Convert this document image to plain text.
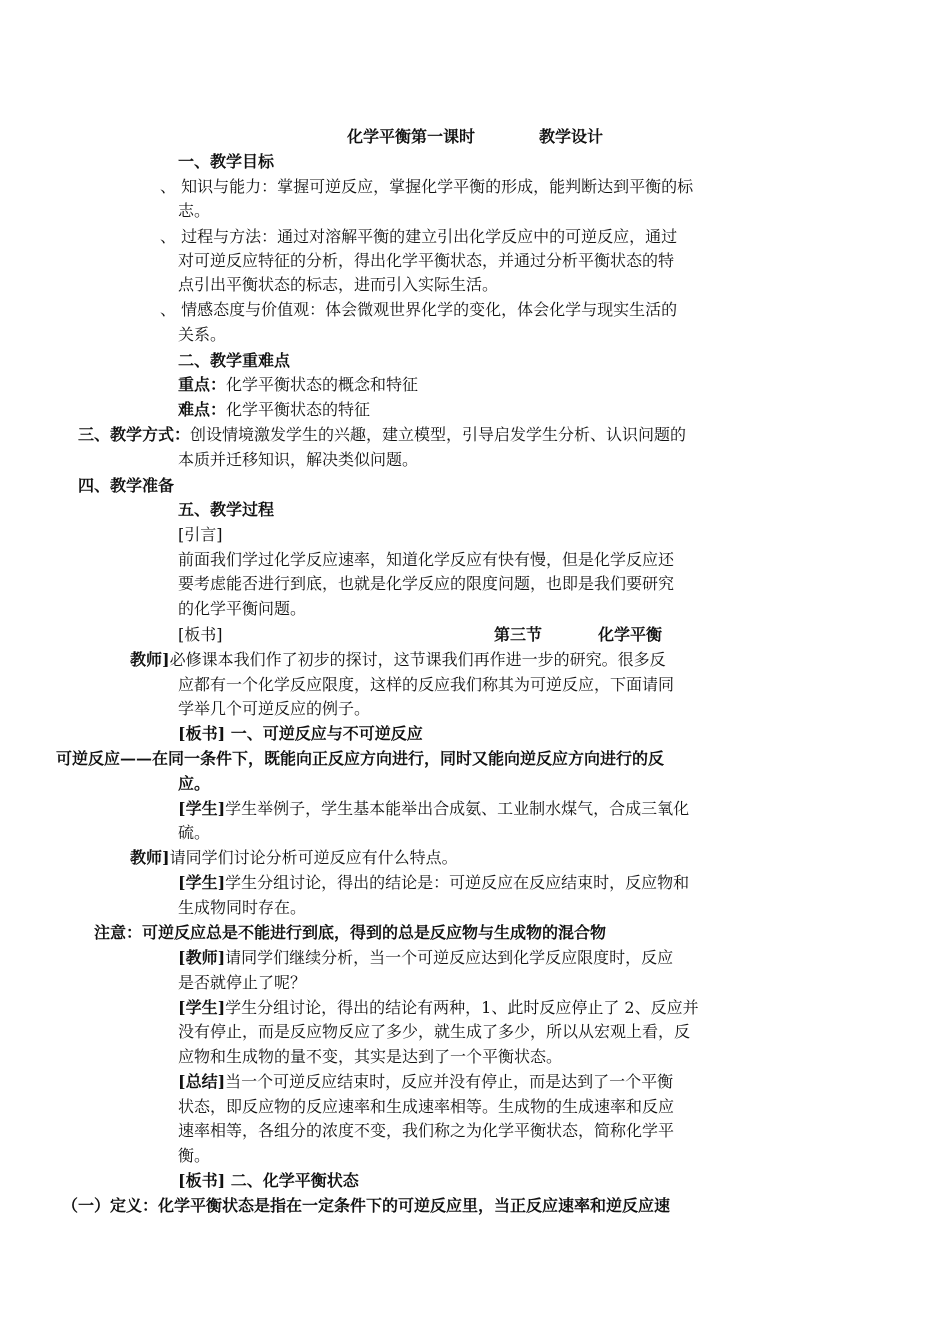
化学平衡第一课时	教学设计
一、教学目标
、 知识与能力：掌握可逆反应，掌握化学平衡的形成，能判断达到平衡的标
志。
、 过程与方法：通过对溶解平衡的建立引出化学反应中的可逆反应，通过
对可逆反应特征的分析，得出化学平衡状态，并通过分析平衡状态的特
点引出平衡状态的标志，进而引入实际生活。
、 情感态度与价值观：体会微观世界化学的变化，体会化学与现实生活的
关系。
二、教学重难点
重点：化学平衡状态的概念和特征
难点：化学平衡状态的特征
三、教学方式：创设情境激发学生的兴趣，建立模型，引导启发学生分析、认识问题的
本质并迁移知识，解决类似问题。
四、教学准备
五、教学过程
[引言]
前面我们学过化学反应速率，知道化学反应有快有慢，但是化学反应还
要考虑能否进行到底，也就是化学反应的限度问题，也即是我们要研究
的化学平衡问题。
[板书]	第三节	化学平衡
教师]必修课本我们作了初步的探讨，这节课我们再作进一步的研究。很多反
应都有一个化学反应限度，这样的反应我们称其为可逆反应，下面请同
学举几个可逆反应的例子。
[板书] 一、可逆反应与不可逆反应
可逆反应——在同一条件下，既能向正反应方向进行，同时又能向逆反应方向进行的反
应。
[学生]学生举例子，学生基本能举出合成氨、工业制水煤气，合成三氧化
硫。
教师]请同学们讨论分析可逆反应有什么特点。
[学生]学生分组讨论，得出的结论是：可逆反应在反应结束时，反应物和
生成物同时存在。
注意：可逆反应总是不能进行到底，得到的总是反应物与生成物的混合物
[教师]请同学们继续分析，当一个可逆反应达到化学反应限度时，反应
是否就停止了呢？
[学生]学生分组讨论，得出的结论有两种，1、此时反应停止了 2、反应并
没有停止，而是反应物反应了多少，就生成了多少，所以从宏观上看，反
应物和生成物的量不变，其实是达到了一个平衡状态。
[总结]当一个可逆反应结束时，反应并没有停止，而是达到了一个平衡
状态，即反应物的反应速率和生成速率相等。生成物的生成速率和反应
速率相等，各组分的浓度不变，我们称之为化学平衡状态，简称化学平
衡。
[板书] 二、化学平衡状态
（一）定义：化学平衡状态是指在一定条件下的可逆反应里，当正反应速率和逆反应速
